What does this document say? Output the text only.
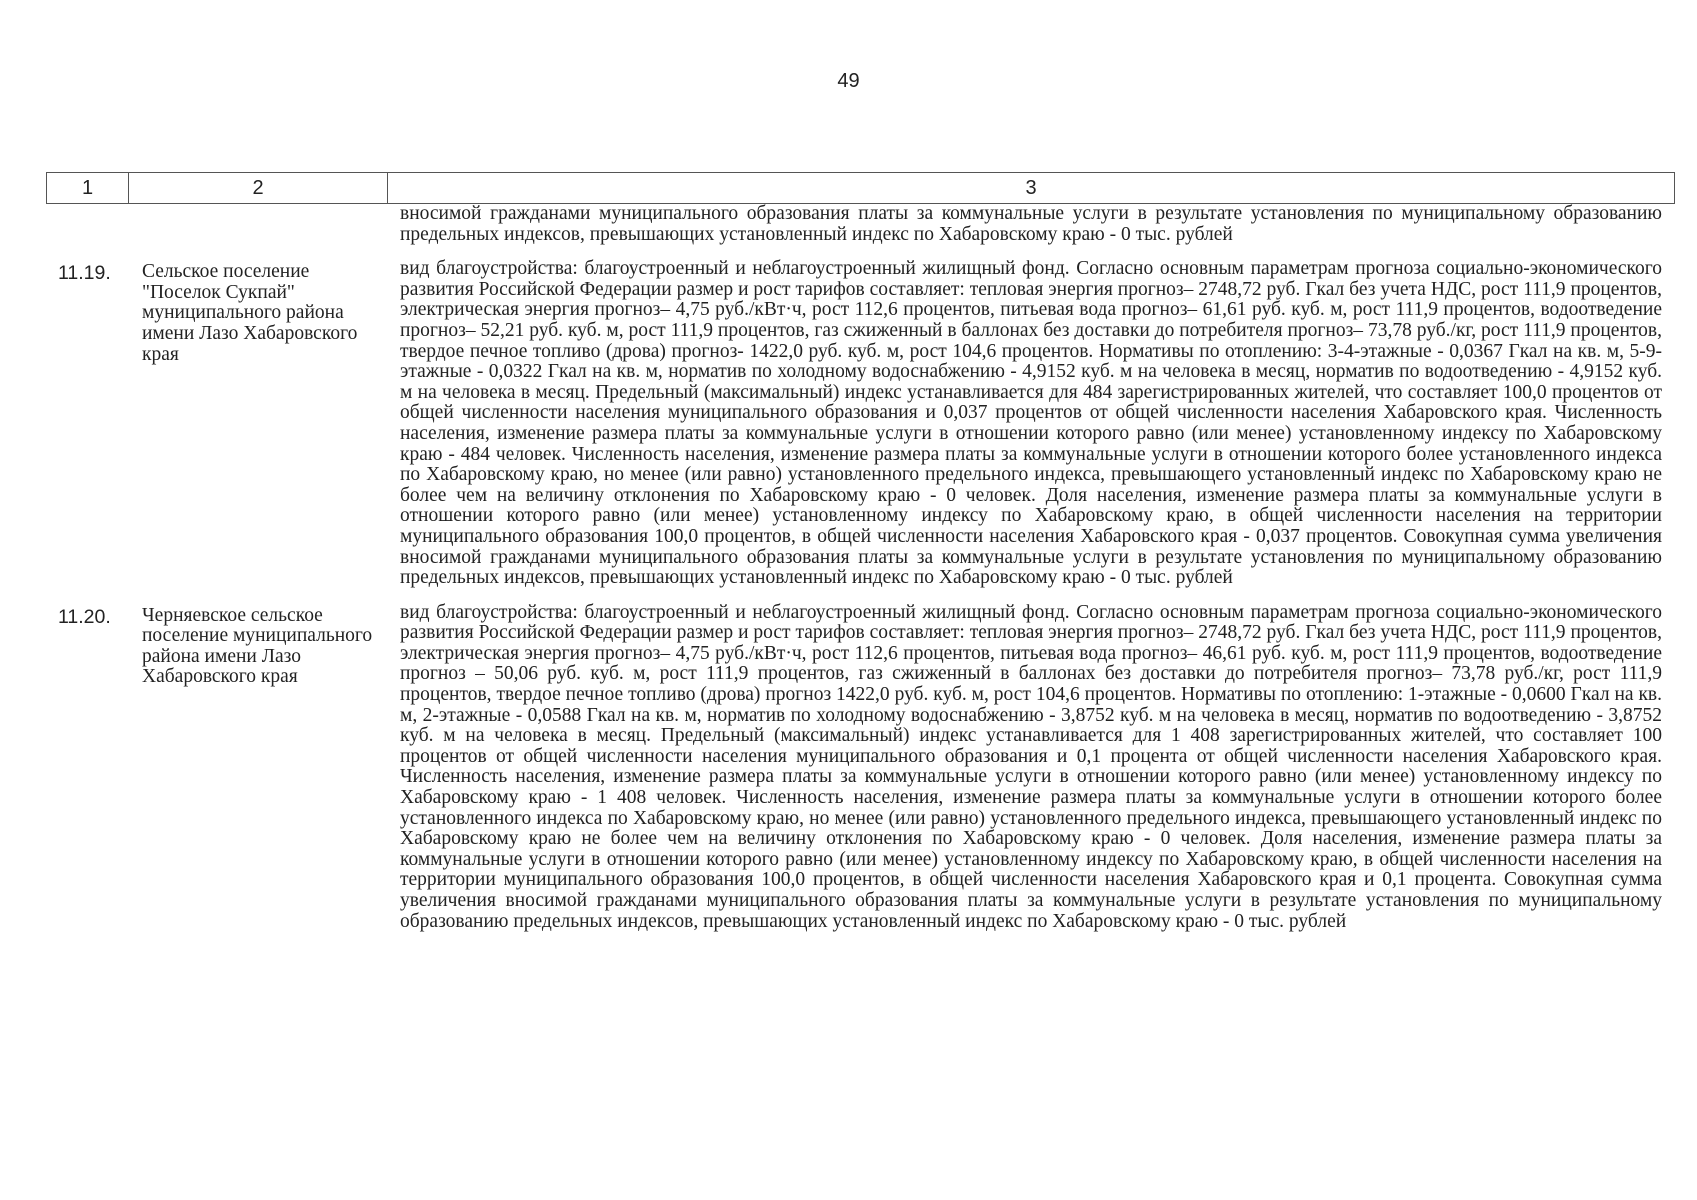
49
1	2	3
		вносимой гражданами муниципального образования платы за коммунальные услуги в результате установления по муниципальному образованию предельных индексов, превышающих установленный индекс по Хабаровскому краю - 0 тыс. рублей
11.19.	Сельское поселение "Поселок Сукпай" муниципального района имени Лазо Хабаровского края	вид благоустройства: благоустроенный и неблагоустроенный жилищный фонд. Согласно основным параметрам прогноза социально-экономического развития Российской Федерации размер и рост тарифов составляет: тепловая энергия прогноз– 2748,72 руб. Гкал без учета НДС, рост 111,9 процентов, электрическая энергия прогноз– 4,75 руб./кВт·ч, рост 112,6 процентов, питьевая вода прогноз– 61,61 руб. куб. м, рост 111,9 процентов, водоотведение прогноз– 52,21 руб. куб. м, рост 111,9 процентов, газ сжиженный в баллонах без доставки до потребителя прогноз– 73,78 руб./кг, рост 111,9 процентов, твердое печное топливо (дрова) прогноз- 1422,0 руб. куб. м, рост 104,6 процентов. Нормативы по отоплению: 3-4-этажные - 0,0367 Гкал на кв. м, 5-9-этажные - 0,0322 Гкал на кв. м, норматив по холодному водоснабжению - 4,9152 куб. м на человека в месяц, норматив по водоотведению - 4,9152 куб. м на человека в месяц. Предельный (максимальный) индекс устанавливается для 484 зарегистрированных жителей, что составляет 100,0 процентов от общей численности населения муниципального образования и 0,037 процентов от общей численности населения Хабаровского края. Численность населения, изменение размера платы за коммунальные услуги в отношении которого равно (или менее) установленному индексу по Хабаровскому краю - 484 человек. Численность населения, изменение размера платы за коммунальные услуги в отношении которого более установленного индекса по Хабаровскому краю, но менее (или равно) установленного предельного индекса, превышающего установленный индекс по Хабаровскому краю не более чем на величину отклонения по Хабаровскому краю - 0 человек. Доля населения, изменение размера платы за коммунальные услуги в отношении которого равно (или менее) установленному индексу по Хабаровскому краю, в общей численности населения на территории муниципального образования 100,0 процентов, в общей численности населения Хабаровского края - 0,037 процентов. Совокупная сумма увеличения вносимой гражданами муниципального образования платы за коммунальные услуги в результате установления по муниципальному образованию предельных индексов, превышающих установленный индекс по Хабаровскому краю - 0 тыс. рублей
11.20.	Черняевское сельское поселение муниципального района имени Лазо Хабаровского края	вид благоустройства: благоустроенный и неблагоустроенный жилищный фонд. Согласно основным параметрам прогноза социально-экономического развития Российской Федерации размер и рост тарифов составляет: тепловая энергия прогноз– 2748,72 руб. Гкал без учета НДС, рост 111,9 процентов, электрическая энергия прогноз– 4,75 руб./кВт·ч, рост 112,6 процентов, питьевая вода прогноз– 46,61 руб. куб. м, рост 111,9 процентов, водоотведение прогноз – 50,06 руб. куб. м, рост 111,9 процентов, газ сжиженный в баллонах без доставки до потребителя прогноз– 73,78 руб./кг, рост 111,9 процентов, твердое печное топливо (дрова) прогноз 1422,0 руб. куб. м, рост 104,6 процентов. Нормативы по отоплению: 1-этажные - 0,0600 Гкал на кв. м, 2-этажные - 0,0588 Гкал на кв. м, норматив по холодному водоснабжению - 3,8752 куб. м на человека в месяц, норматив по водоотведению - 3,8752 куб. м на человека в месяц. Предельный (максимальный) индекс устанавливается для 1 408 зарегистрированных жителей, что составляет 100 процентов от общей численности населения муниципального образования и 0,1 процента от общей численности населения Хабаровского края. Численность населения, изменение размера платы за коммунальные услуги в отношении которого равно (или менее) установленному индексу по Хабаровскому краю - 1 408 человек. Численность населения, изменение размера платы за коммунальные услуги в отношении которого более установленного индекса по Хабаровскому краю, но менее (или равно) установленного предельного индекса, превышающего установленный индекс по Хабаровскому краю не более чем на величину отклонения по Хабаровскому краю - 0 человек. Доля населения, изменение размера платы за коммунальные услуги в отношении которого равно (или менее) установленному индексу по Хабаровскому краю, в общей численности населения на территории муниципального образования 100,0 процентов, в общей численности населения Хабаровского края и 0,1 процента. Совокупная сумма увеличения вносимой гражданами муниципального образования платы за коммунальные услуги в результате установления по муниципальному образованию предельных индексов, превышающих установленный индекс по Хабаровскому краю - 0 тыс. рублей
